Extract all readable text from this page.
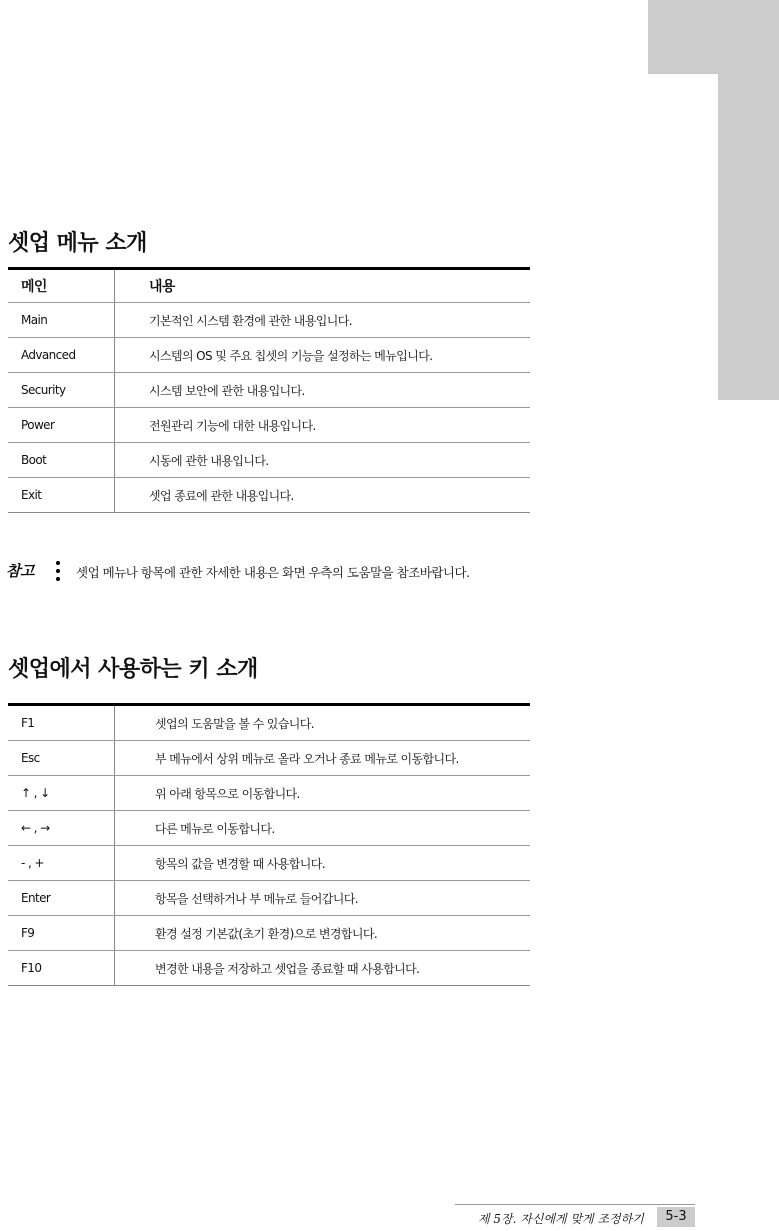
셋업 메뉴 소개
메인	내용
Main	기본적인 시스템 환경에 관한 내용입니다.
Advanced	시스템의 OS 및 주요 칩셋의 기능을 설정하는 메뉴입니다.
Security	시스템 보안에 관한 내용입니다.
Power	전원관리 기능에 대한 내용입니다.
Boot	시동에 관한 내용입니다.
Exit	셋업 종료에 관한 내용입니다.
참고	셋업 메뉴나 항목에 관한 자세한 내용은 화면 우측의 도움말을 참조바랍니다.
셋업에서 사용하는 키 소개
F1	셋업의 도움말을 볼 수 있습니다.
Esc	부 메뉴에서 상위 메뉴로 올라 오거나 종료 메뉴로 이동합니다.
↑ , ↓	위 아래 항목으로 이동합니다.
← , →	다른 메뉴로 이동합니다.
- , +	항목의 값을 변경할 때 사용합니다.
Enter	항목을 선택하거나 부 메뉴로 들어갑니다.
F9	환경 설정 기본값(초기 환경)으로 변경합니다.
F10	변경한 내용을 저장하고 셋업을 종료할 때 사용합니다.
제 5장. 자신에게 맞게 조정하기	5-3
